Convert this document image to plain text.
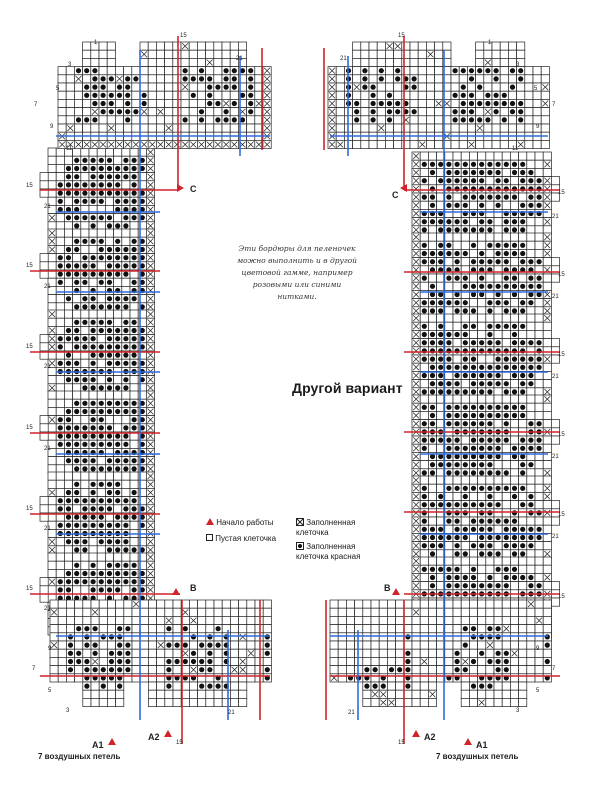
Эти бордюры для пеленочек можно выполнить и в другой цветовой гамме, например розовыми или синими нитками.
Другой вариант
Начало работы
Пустая клеточка
Заполненная клеточка
Заполненная клеточка красная
7 воздушных петель	7 воздушных петель
A1
A2
B
C
A1
A2
B
C
1
3
5
7
9
11
15
21
15
21
15
21
15
21
15
21
15
21
15
21
9
7
5
3
15
21
15
21
1
3
5
7
9
11
15
21
15
21
15
21
15
21
15
21
15
9
7
5
3
15
21
